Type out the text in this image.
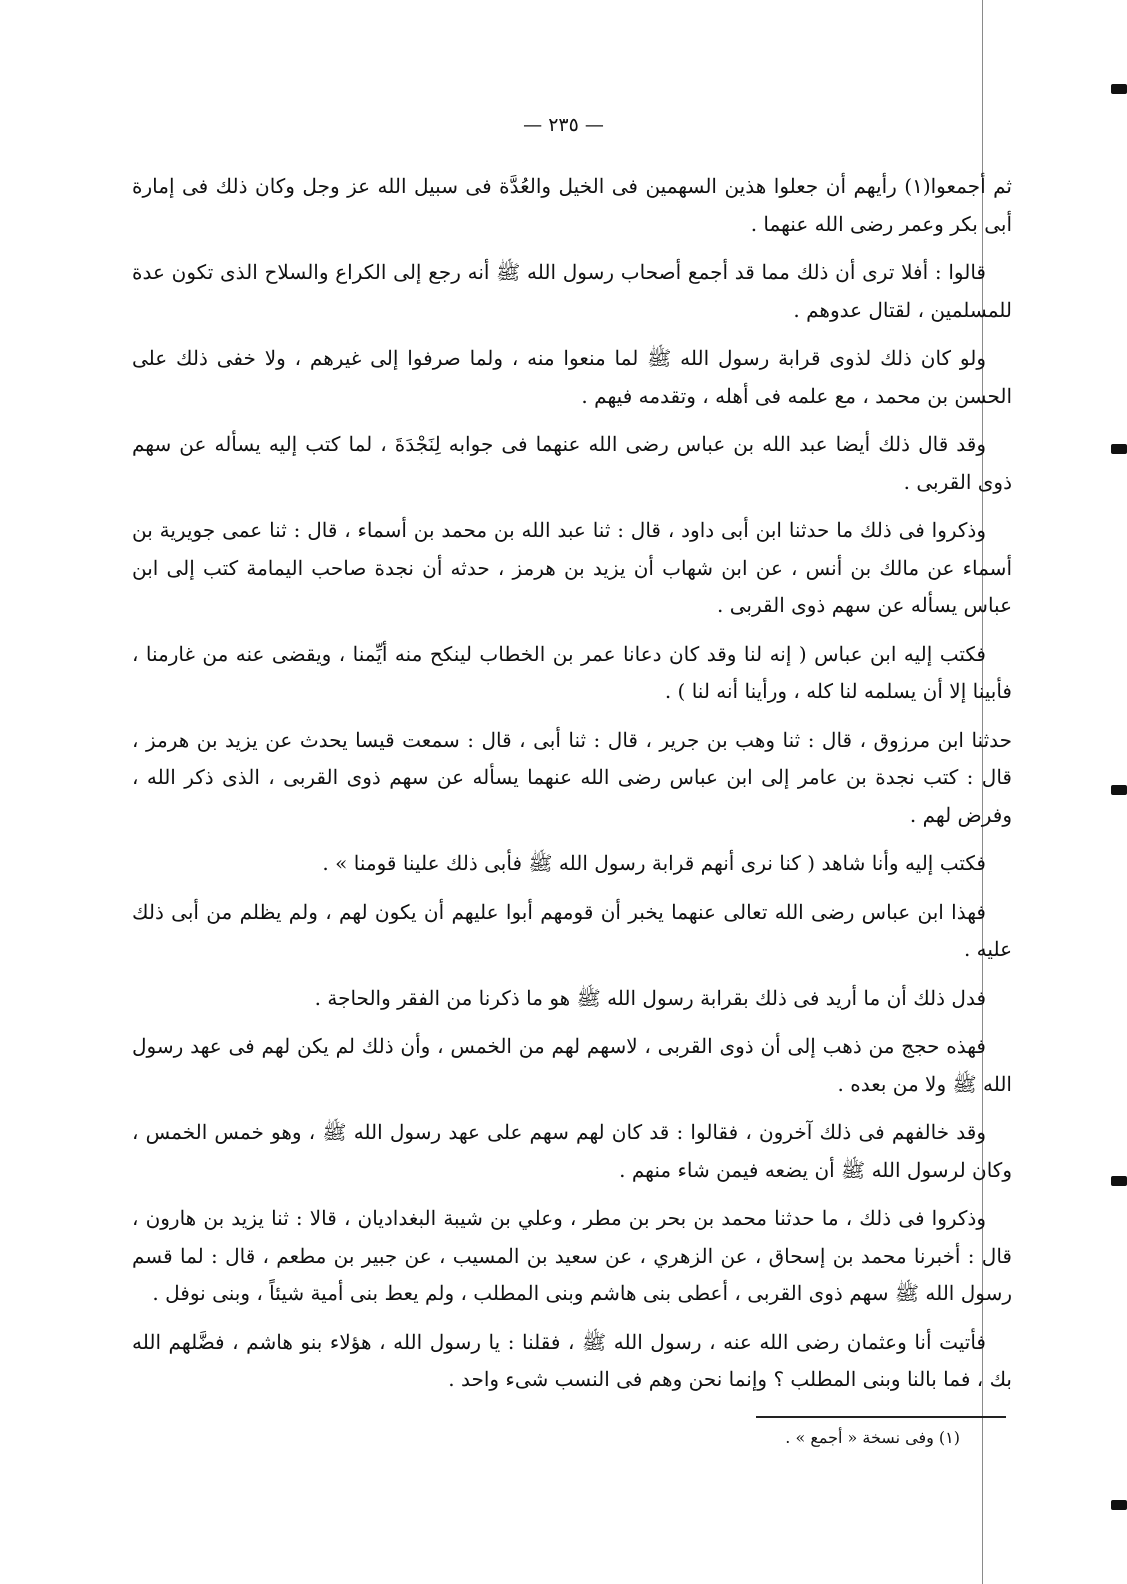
— ٢٣٥ —

ثم أجمعوا(١) رأيهم أن جعلوا هذين السهمين فى الخيل والعُدَّة فى سبيل الله عز وجل وكان ذلك فى إمارة أبى بكر وعمر رضى الله عنهما .

قالوا : أفلا ترى أن ذلك مما قد أجمع أصحاب رسول الله ﷺ أنه رجع إلى الكراع والسلاح الذى تكون عدة للمسلمين ، لقتال عدوهم .

ولو كان ذلك لذوى قرابة رسول الله ﷺ لما منعوا منه ، ولما صرفوا إلى غيرهم ، ولا خفى ذلك على الحسن بن محمد ، مع علمه فى أهله ، وتقدمه فيهم .

وقد قال ذلك أيضا عبد الله بن عباس رضى الله عنهما فى جوابه لِنَجْدَةَ ، لما كتب إليه يسأله عن سهم ذوى القربى .

وذكروا فى ذلك ما حدثنا ابن أبى داود ، قال : ثنا عبد الله بن محمد بن أسماء ، قال : ثنا عمى جويرية بن أسماء عن مالك بن أنس ، عن ابن شهاب أن يزيد بن هرمز ، حدثه أن نجدة صاحب اليمامة كتب إلى ابن عباس يسأله عن سهم ذوى القربى .

فكتب إليه ابن عباس ( إنه لنا وقد كان دعانا عمر بن الخطاب لينكح منه أيِّمنا ، ويقضى عنه من غارمنا ، فأبينا إلا أن يسلمه لنا كله ، ورأينا أنه لنا ) .

حدثنا ابن مرزوق ، قال : ثنا وهب بن جرير ، قال : ثنا أبى ، قال : سمعت قيسا يحدث عن يزيد بن هرمز ، قال : كتب نجدة بن عامر إلى ابن عباس رضى الله عنهما يسأله عن سهم ذوى القربى ، الذى ذكر الله ، وفرض لهم .

فكتب إليه وأنا شاهد ( كنا نرى أنهم قرابة رسول الله ﷺ فأبى ذلك علينا قومنا » .

فهذا ابن عباس رضى الله تعالى عنهما يخبر أن قومهم أبوا عليهم أن يكون لهم ، ولم يظلم من أبى ذلك عليه .

فدل ذلك أن ما أريد فى ذلك بقرابة رسول الله ﷺ هو ما ذكرنا من الفقر والحاجة .

فهذه حجج من ذهب إلى أن ذوى القربى ، لاسهم لهم من الخمس ، وأن ذلك لم يكن لهم فى عهد رسول الله ﷺ ولا من بعده .

وقد خالفهم فى ذلك آخرون ، فقالوا : قد كان لهم سهم على عهد رسول الله ﷺ ، وهو خمس الخمس ، وكان لرسول الله ﷺ أن يضعه فيمن شاء منهم .

وذكروا فى ذلك ، ما حدثنا محمد بن بحر بن مطر ، وعلي بن شيبة البغداديان ، قالا : ثنا يزيد بن هارون ، قال : أخبرنا محمد بن إسحاق ، عن الزهري ، عن سعيد بن المسيب ، عن جبير بن مطعم ، قال : لما قسم رسول الله ﷺ سهم ذوى القربى ، أعطى بنى هاشم وبنى المطلب ، ولم يعط بنى أمية شيئاً ، وبنى نوفل .

فأتيت أنا وعثمان رضى الله عنه ، رسول الله ﷺ ، فقلنا : يا رسول الله ، هؤلاء بنو هاشم ، فضَّلهم الله بك ، فما بالنا وبنى المطلب ؟ وإنما نحن وهم فى النسب شىء واحد .

(١) وفى نسخة « أجمع » .
